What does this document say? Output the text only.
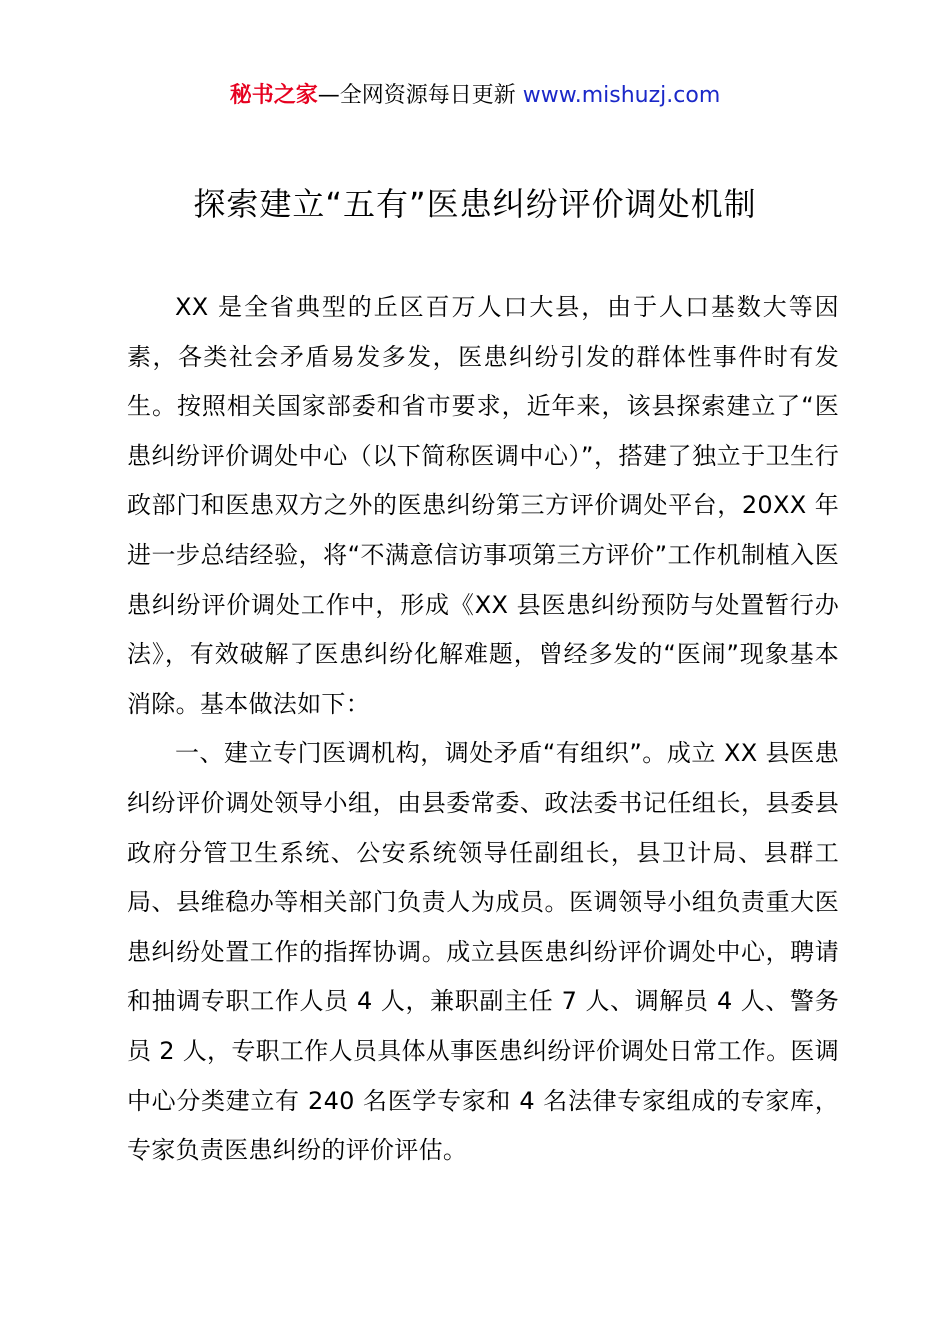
秘书之家—全网资源每日更新 www.mishuzj.com
探索建立“五有”医患纠纷评价调处机制

XX 是全省典型的丘区百万人口大县，由于人口基数大等因素，各类社会矛盾易发多发，医患纠纷引发的群体性事件时有发生。按照相关国家部委和省市要求，近年来，该县探索建立了“医患纠纷评价调处中心（以下简称医调中心）”，搭建了独立于卫生行政部门和医患双方之外的医患纠纷第三方评价调处平台，20XX 年进一步总结经验，将“不满意信访事项第三方评价”工作机制植入医患纠纷评价调处工作中，形成《XX 县医患纠纷预防与处置暂行办法》，有效破解了医患纠纷化解难题，曾经多发的“医闹”现象基本消除。基本做法如下：

一、建立专门医调机构，调处矛盾“有组织”。成立 XX 县医患纠纷评价调处领导小组，由县委常委、政法委书记任组长，县委县政府分管卫生系统、公安系统领导任副组长，县卫计局、县群工局、县维稳办等相关部门负责人为成员。医调领导小组负责重大医患纠纷处置工作的指挥协调。成立县医患纠纷评价调处中心，聘请和抽调专职工作人员 4 人，兼职副主任 7 人、调解员 4 人、警务员 2 人，专职工作人员具体从事医患纠纷评价调处日常工作。医调中心分类建立有 240 名医学专家和 4 名法律专家组成的专家库，专家负责医患纠纷的评价评估。
